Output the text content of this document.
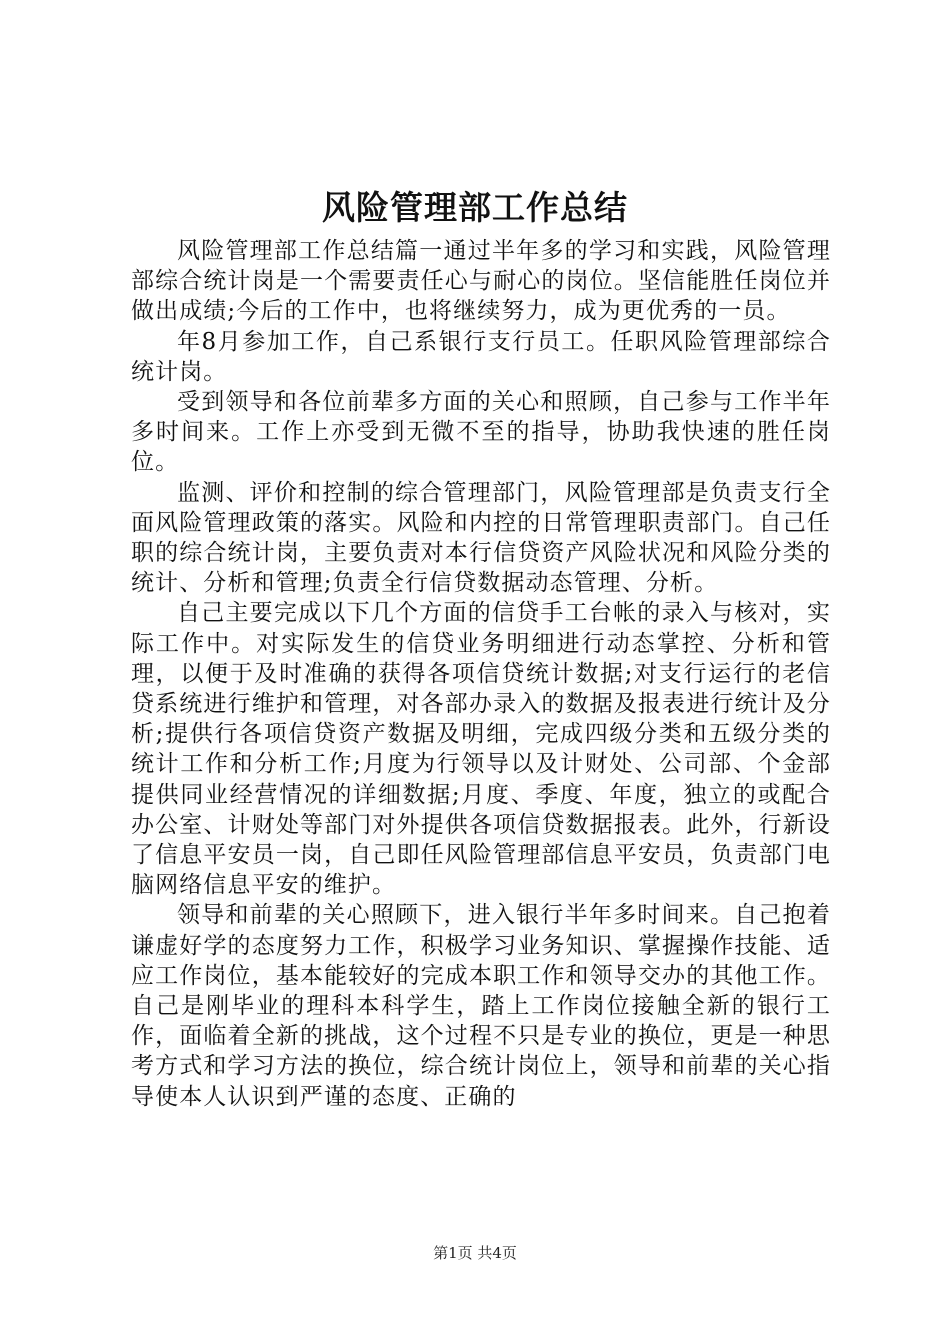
风险管理部工作总结

风险管理部工作总结篇一通过半年多的学习和实践，风险管理部综合统计岗是一个需要责任心与耐心的岗位。坚信能胜任岗位并做出成绩;今后的工作中，也将继续努力，成为更优秀的一员。

年8月参加工作，自己系银行支行员工。任职风险管理部综合统计岗。

受到领导和各位前辈多方面的关心和照顾，自己参与工作半年多时间来。工作上亦受到无微不至的指导，协助我快速的胜任岗位。

监测、评价和控制的综合管理部门，风险管理部是负责支行全面风险管理政策的落实。风险和内控的日常管理职责部门。自己任职的综合统计岗，主要负责对本行信贷资产风险状况和风险分类的统计、分析和管理;负责全行信贷数据动态管理、分析。

自己主要完成以下几个方面的信贷手工台帐的录入与核对，实际工作中。对实际发生的信贷业务明细进行动态掌控、分析和管理，以便于及时准确的获得各项信贷统计数据;对支行运行的老信贷系统进行维护和管理，对各部办录入的数据及报表进行统计及分析;提供行各项信贷资产数据及明细，完成四级分类和五级分类的统计工作和分析工作;月度为行领导以及计财处、公司部、个金部提供同业经营情况的详细数据;月度、季度、年度，独立的或配合办公室、计财处等部门对外提供各项信贷数据报表。此外，行新设了信息平安员一岗，自己即任风险管理部信息平安员，负责部门电脑网络信息平安的维护。

领导和前辈的关心照顾下，进入银行半年多时间来。自己抱着谦虚好学的态度努力工作，积极学习业务知识、掌握操作技能、适应工作岗位，基本能较好的完成本职工作和领导交办的其他工作。自己是刚毕业的理科本科学生，踏上工作岗位接触全新的银行工作，面临着全新的挑战，这个过程不只是专业的换位，更是一种思考方式和学习方法的换位，综合统计岗位上，领导和前辈的关心指导使本人认识到严谨的态度、正确的

第1页 共4页
